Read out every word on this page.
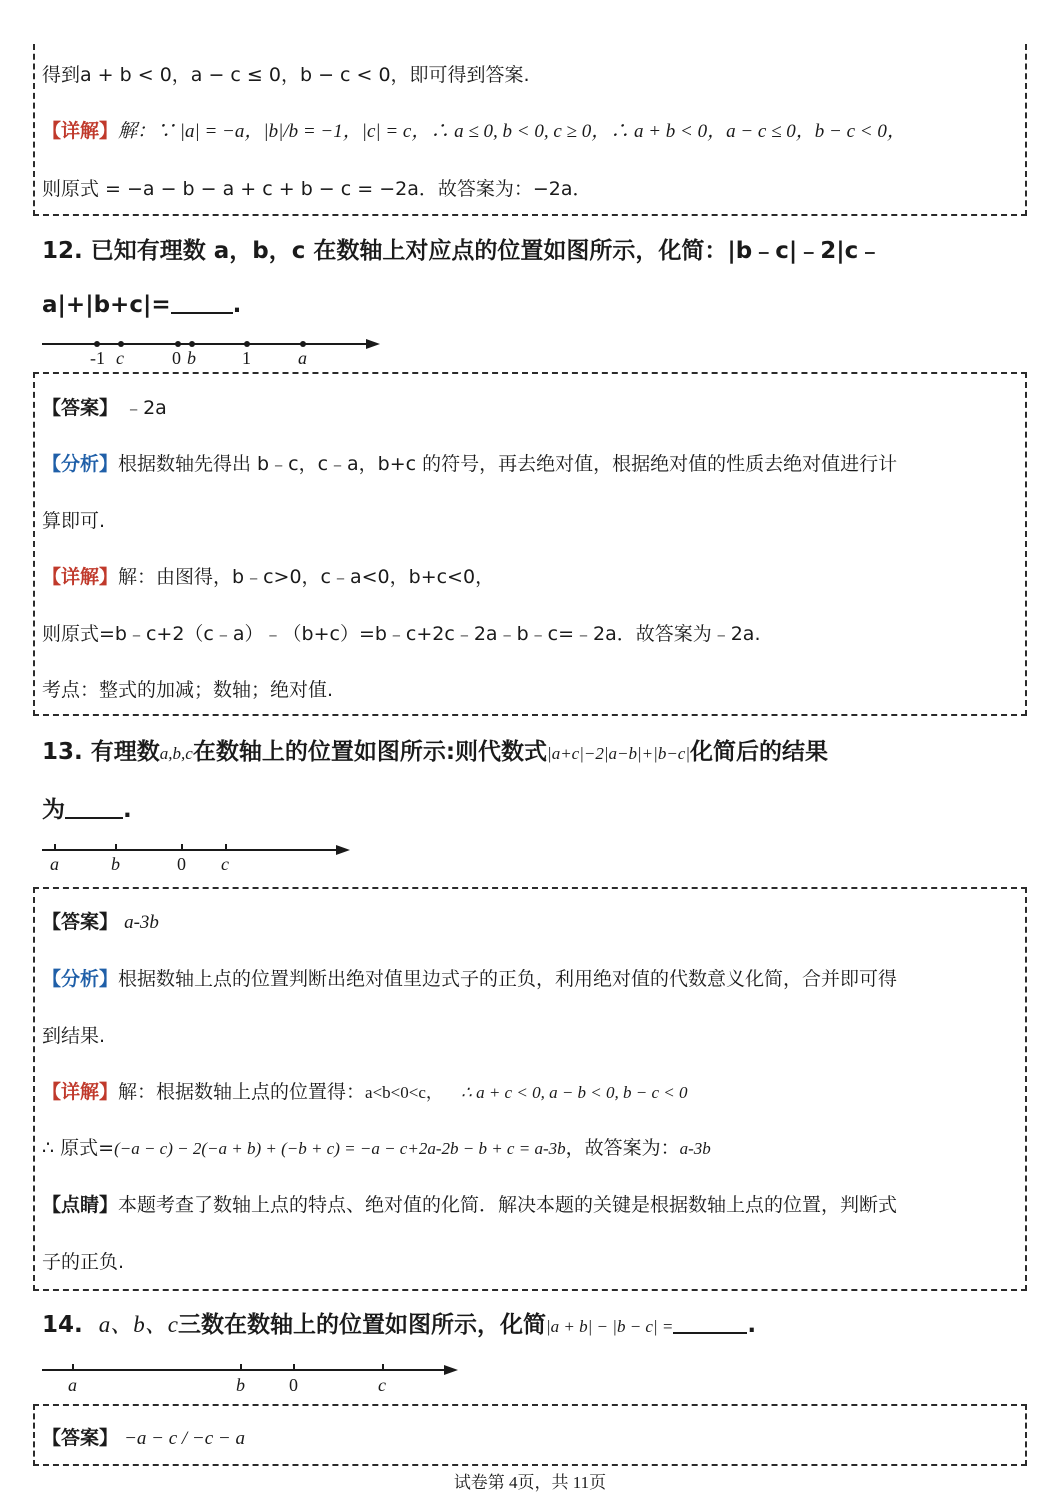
得到a + b < 0，a − c ≤ 0，b − c < 0，即可得到答案.
【详解】解：∵ |a| = −a，|b|/b = −1，|c| = c，∴ a ≤ 0, b < 0, c ≥ 0，∴ a + b < 0，a − c ≤ 0，b − c < 0，
则原式 = −a − b − a + c + b − c = −2a．故答案为：−2a．
12. 已知有理数 a，b，c 在数轴上对应点的位置如图所示，化简：|b﹣c|﹣2|c﹣
a|+|b+c|=	.
-1 c	0 b	1	a
【答案】 ﹣2a
【分析】根据数轴先得出 b﹣c，c﹣a，b+c 的符号，再去绝对值，根据绝对值的性质去绝对值进行计
算即可.
【详解】解：由图得，b﹣c>0，c﹣a<0，b+c<0，
则原式=b﹣c+2（c﹣a）﹣（b+c）=b﹣c+2c﹣2a﹣b﹣c=﹣2a．故答案为﹣2a.
考点：整式的加减；数轴；绝对值.
13. 有理数a,b,c在数轴上的位置如图所示:则代数式|a+c|−2|a−b|+|b−c|化简后的结果
为	.
a	b	0 c
【答案】 a-3b
【分析】根据数轴上点的位置判断出绝对值里边式子的正负，利用绝对值的代数意义化简，合并即可得
到结果.
【详解】解：根据数轴上点的位置得：a<b<0<c， ∴ a + c < 0, a − b < 0, b − c < 0
∴ 原式=(−a − c) − 2(−a + b) + (−b + c) = −a − c+2a-2b − b + c = a-3b，故答案为：a-3b
【点睛】本题考查了数轴上点的特点、绝对值的化简．解决本题的关键是根据数轴上点的位置，判断式
子的正负.
14. a、b、c三数在数轴上的位置如图所示，化简|a + b| − |b − c| =	.
a	b 0	c
【答案】 −a − c / −c − a
试卷第 4页，共 11页
